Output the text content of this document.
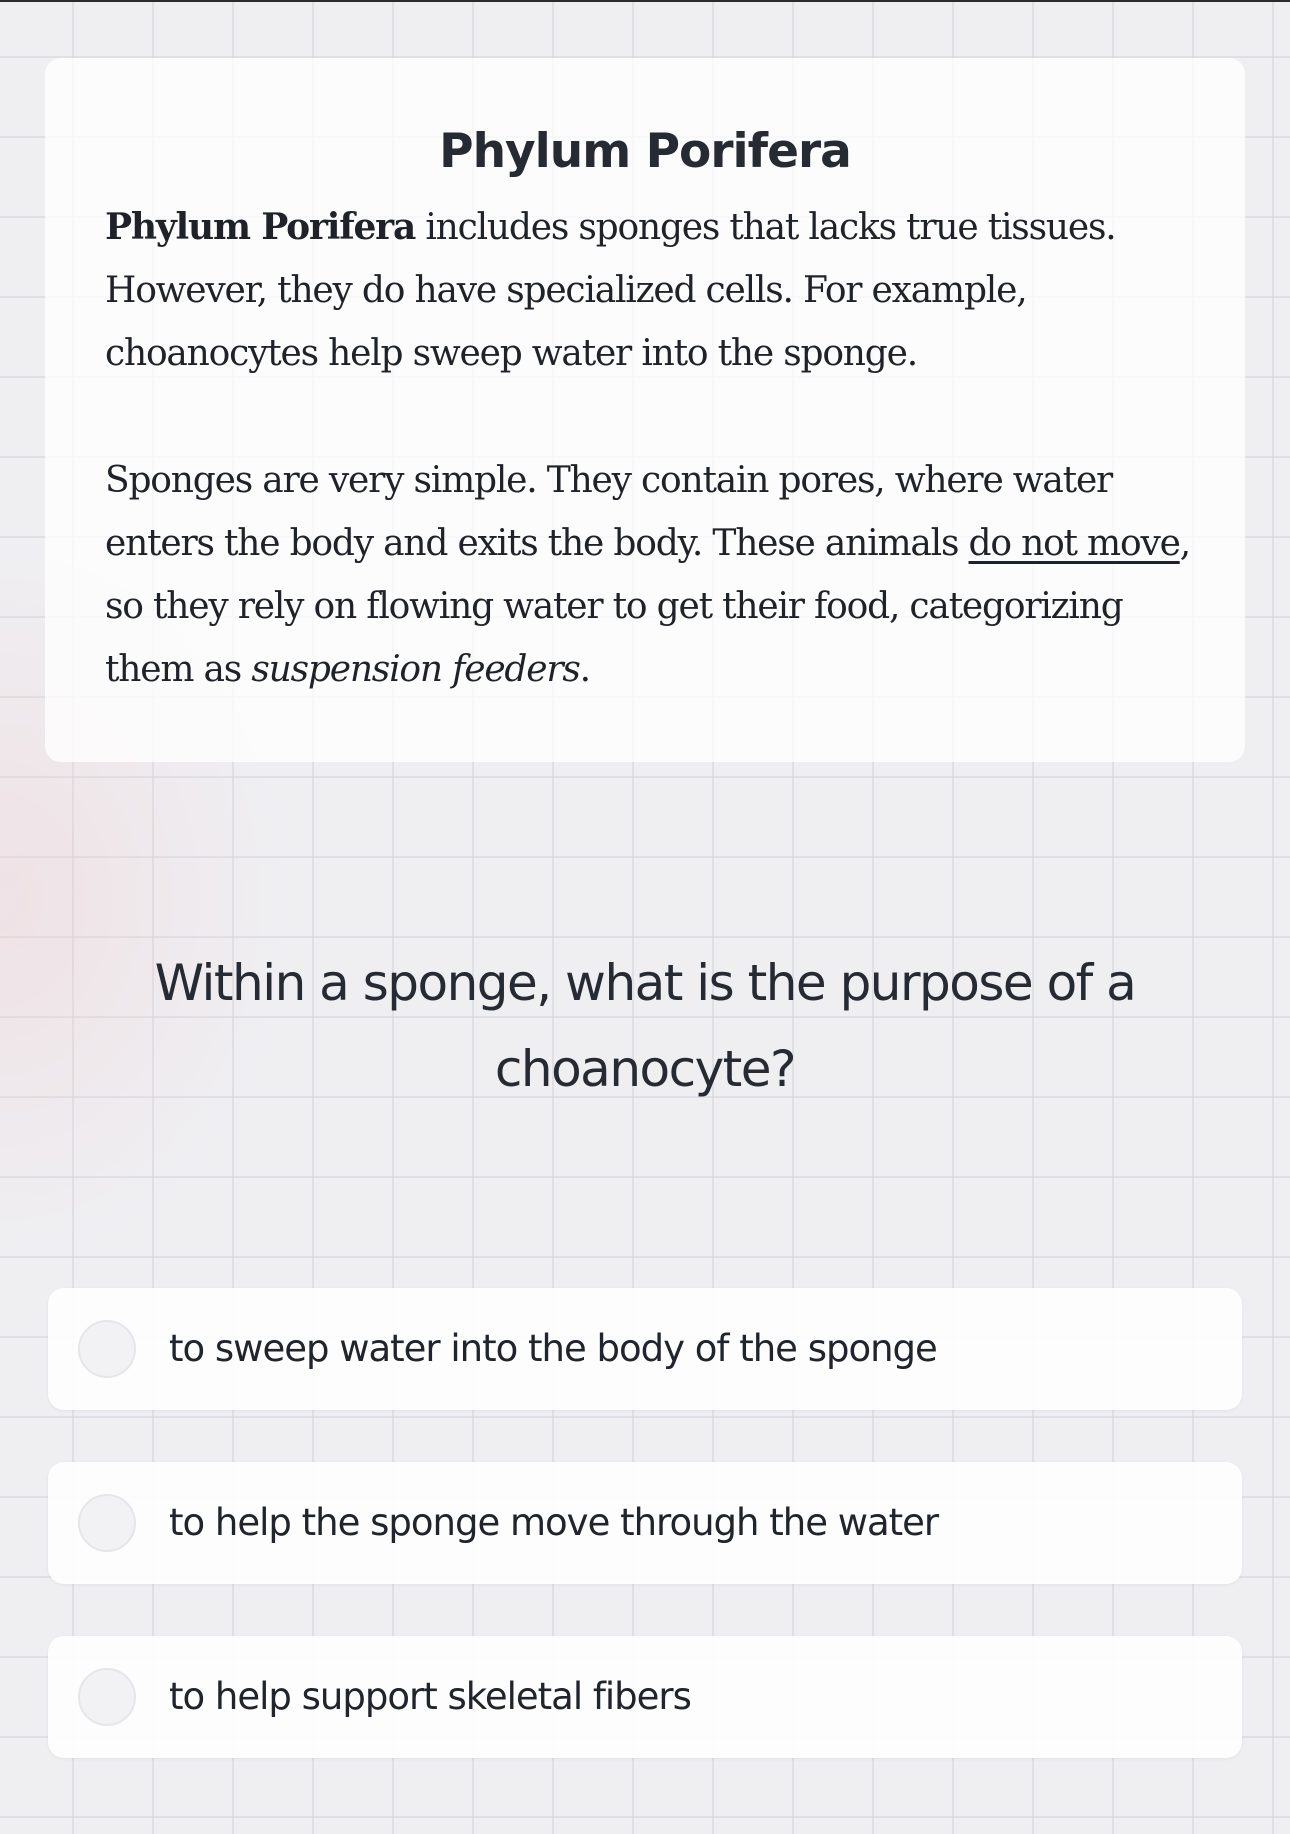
Phylum Porifera

Phylum Porifera includes sponges that lacks true tissues. However, they do have specialized cells. For example, choanocytes help sweep water into the sponge.

Sponges are very simple. They contain pores, where water enters the body and exits the body. These animals do not move, so they rely on flowing water to get their food, categorizing them as suspension feeders.

Within a sponge, what is the purpose of a choanocyte?
to sweep water into the body of the sponge
to help the sponge move through the water
to help support skeletal fibers
